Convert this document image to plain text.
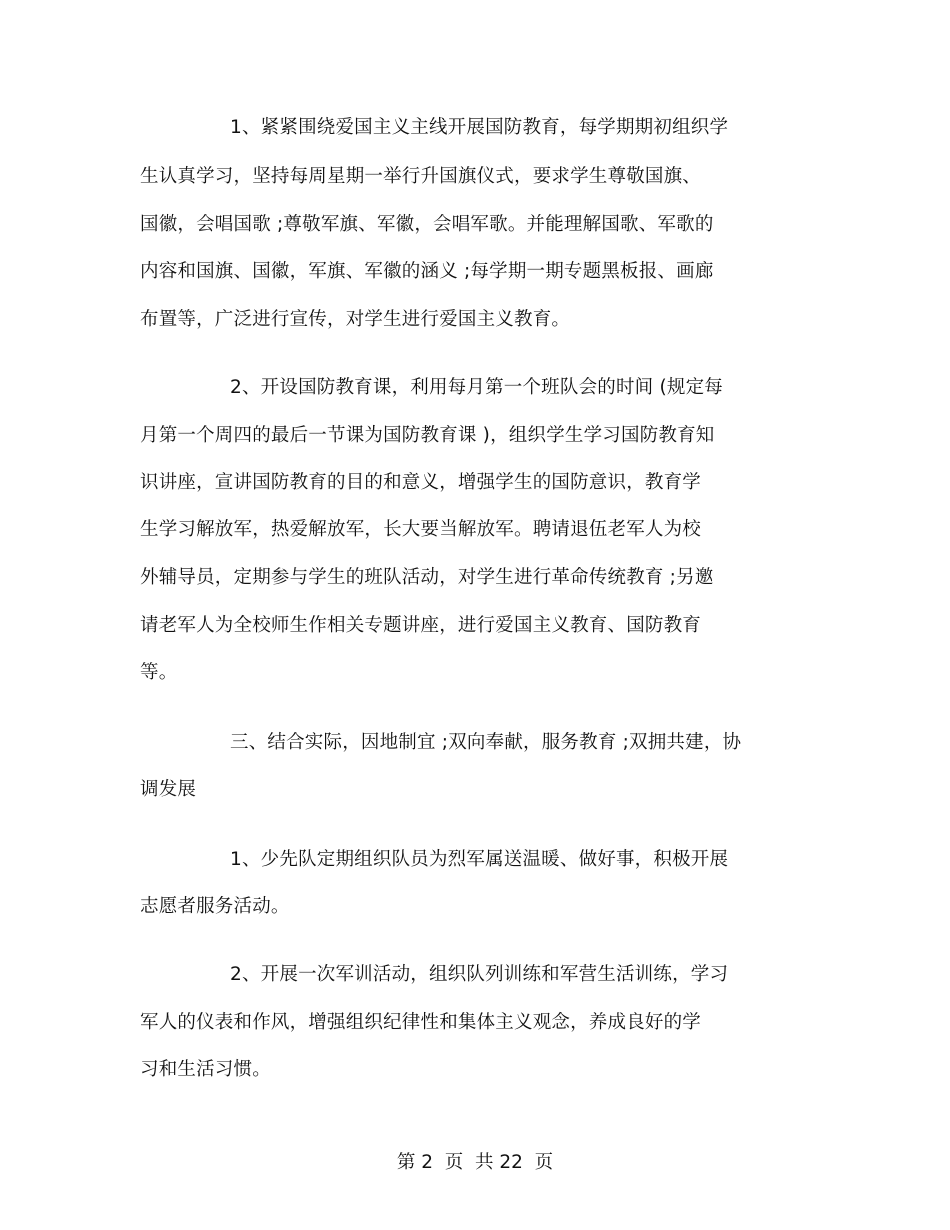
1、紧紧围绕爱国主义主线开展国防教育，每学期期初组织学
生认真学习，坚持每周星期一举行升国旗仪式，要求学生尊敬国旗、
国徽，会唱国歌 ;尊敬军旗、军徽，会唱军歌。并能理解国歌、军歌的
内容和国旗、国徽，军旗、军徽的涵义 ;每学期一期专题黑板报、画廊
布置等，广泛进行宣传，对学生进行爱国主义教育。
2、开设国防教育课，利用每月第一个班队会的时间 (规定每
月第一个周四的最后一节课为国防教育课 )，组织学生学习国防教育知
识讲座，宣讲国防教育的目的和意义，增强学生的国防意识，教育学
生学习解放军，热爱解放军，长大要当解放军。聘请退伍老军人为校
外辅导员，定期参与学生的班队活动，对学生进行革命传统教育 ;另邀
请老军人为全校师生作相关专题讲座，进行爱国主义教育、国防教育
等。
三、结合实际，因地制宜 ;双向奉献，服务教育 ;双拥共建，协
调发展
1、少先队定期组织队员为烈军属送温暖、做好事，积极开展
志愿者服务活动。
2、开展一次军训活动，组织队列训练和军营生活训练，学习
军人的仪表和作风，增强组织纪律性和集体主义观念，养成良好的学
习和生活习惯。
第 2  页  共 22  页
